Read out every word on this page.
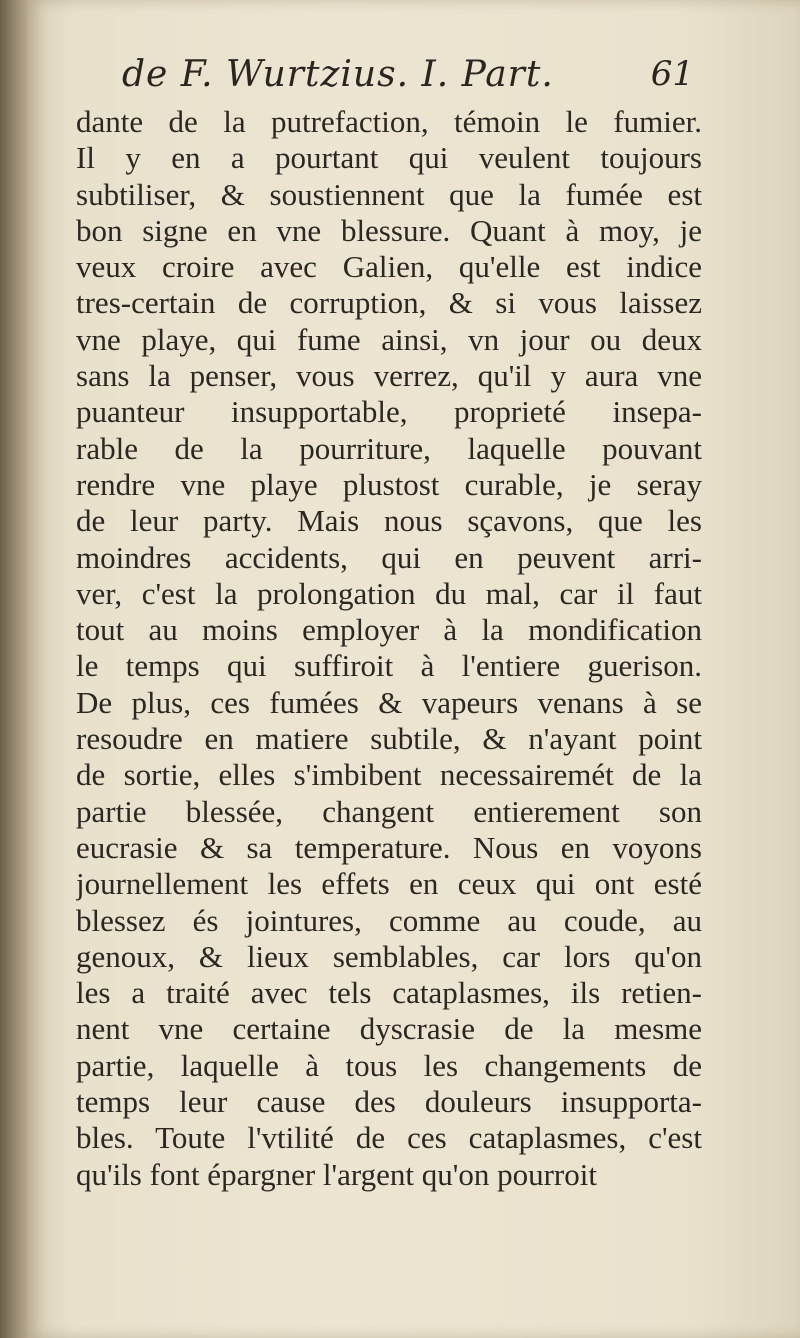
de F. Wurtzius. I. Part.	61
dante de la putrefaction, témoin le fumier.
Il y en a pourtant qui veulent toujours
subtiliser, & soustiennent que la fumée est
bon signe en vne blessure. Quant à moy, je
veux croire avec Galien, qu'elle est indice
tres-certain de corruption, & si vous laissez
vne playe, qui fume ainsi, vn jour ou deux
sans la penser, vous verrez, qu'il y aura vne
puanteur insupportable, proprieté insepa-
rable de la pourriture, laquelle pouvant
rendre vne playe plustost curable, je seray
de leur party. Mais nous sçavons, que les
moindres accidents, qui en peuvent arri-
ver, c'est la prolongation du mal, car il faut
tout au moins employer à la mondification
le temps qui suffiroit à l'entiere guerison.
De plus, ces fumées & vapeurs venans à se
resoudre en matiere subtile, & n'ayant point
de sortie, elles s'imbibent necessairemét de la
partie blessée, changent entierement son
eucrasie & sa temperature. Nous en voyons
journellement les effets en ceux qui ont esté
blessez és jointures, comme au coude, au
genoux, & lieux semblables, car lors qu'on
les a traité avec tels cataplasmes, ils retien-
nent vne certaine dyscrasie de la mesme
partie, laquelle à tous les changements de
temps leur cause des douleurs insupporta-
bles. Toute l'vtilité de ces cataplasmes, c'est
qu'ils font épargner l'argent qu'on pourroit
